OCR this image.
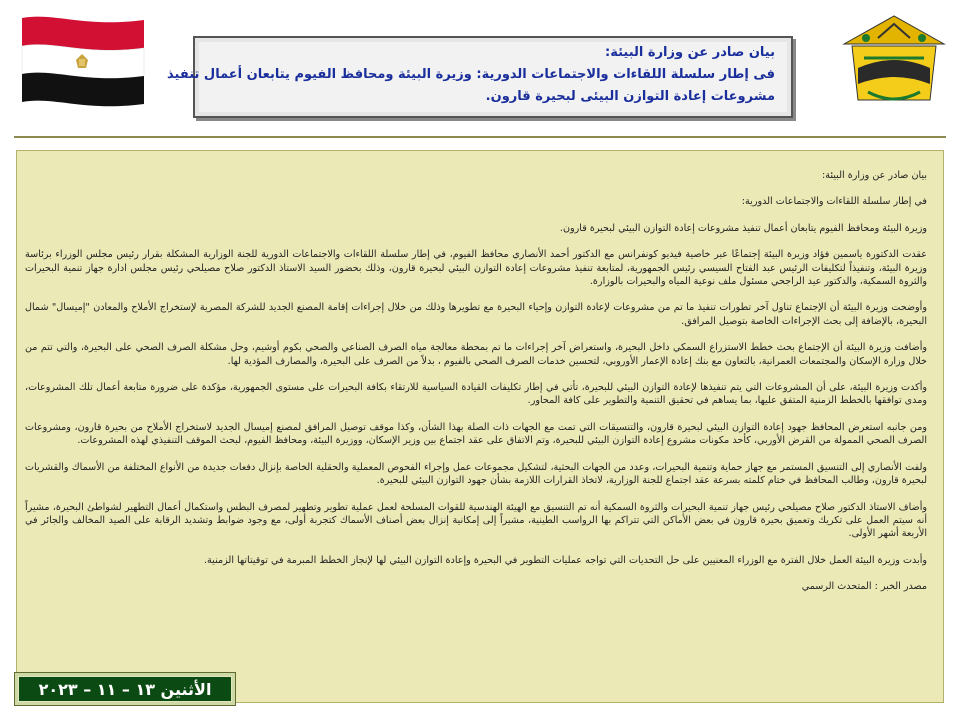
بيان صادر عن وزارة البيئة:
فى إطار سلسلة اللقاءات والاجتماعات الدورية: وزيرة البيئة ومحافظ الفيوم يتابعان أعمال تنفيذ
مشروعات إعادة التوازن البيئى لبحيرة قارون.

بيان صادر عن وزارة البيئة:

في إطار سلسلة اللقاءات والاجتماعات الدورية:

وزيرة البيئة ومحافظ الفيوم يتابعان أعمال تنفيذ مشروعات إعادة التوازن البيئي لبحيرة قارون.

عقدت الدكتورة ياسمين فؤاد وزيرة البيئة إجتماعًا عبر خاصية فيديو كونفرانس مع الدكتور أحمد الأنصاري محافظ الفيوم، في إطار سلسلة اللقاءات والاجتماعات الدورية للجنة الوزارية المشكلة بقرار رئيس مجلس الوزراء برئاسة وزيرة البيئة، وتنفيذاً لتكليفات الرئيس عبد الفتاح السيسي رئيس الجمهورية، لمتابعة تنفيذ مشروعات إعادة التوازن البيئي لبحيرة قارون، وذلك بحضور السيد الاستاذ الدكتور صلاح مصيلحي رئيس مجلس ادارة جهاز تنمية البحيرات والثروة السمكية، والدكتور عيد الراجحي مسئول ملف نوعية المياه والبحيرات بالوزارة.

وأوضحت وزيرة البيئة أن الإجتماع تناول آخر تطورات تنفيذ ما تم من مشروعات لإعادة التوازن وإحياء البحيرة مع تطويرها وذلك من خلال إجراءات إقامة المصنع الجديد للشركة المصرية لإستخراج الأملاح والمعادن "إميسال" شمال البحيرة، بالإضافة إلى بحث الإجراءات الخاصة بتوصيل المرافق.

وأضافت وزيرة البيئة أن الإجتماع بحث خطط الاستزراع السمكي داخل البحيرة، واستعراض آخر إجراءات ما تم بمحطة معالجة مياه الصرف الصناعي والصحي بكوم أوشيم، وحل مشكلة الصرف الصحي على البحيرة، والتي تتم من خلال وزارة الإسكان والمجتمعات العمرانية، بالتعاون مع بنك إعادة الإعمار الأوروبي، لتحسين خدمات الصرف الصحي بالفيوم ، بدلاً من الصرف على البحيرة، والمصارف المؤدية لها.

وأكدت وزيرة البيئة، على أن المشروعات التي يتم تنفيذها لإعادة التوازن البيئي للبحيرة، تأتي في إطار تكليفات القيادة السياسية للارتقاء بكافة البحيرات على مستوى الجمهورية، مؤكدة على ضرورة متابعة أعمال تلك المشروعات، ومدى توافقها بالخطط الزمنية المتفق عليها، بما يساهم في تحقيق التنمية والتطوير على كافة المحاور.

ومن جانبه استعرض المحافظ جهود إعادة التوازن البيئي لبحيرة قارون، والتنسيقات التي تمت مع الجهات ذات الصلة بهذا الشأن، وكذا موقف توصيل المرافق لمصنع إميسال الجديد لاستخراج الأملاح من بحيرة قارون، ومشروعات الصرف الصحي الممولة من القرض الأوربي، كأحد مكونات مشروع إعادة التوازن البيئي للبحيرة، وتم الاتفاق على عقد اجتماع بين وزير الإسكان، ووزيرة البيئة، ومحافظ الفيوم، لبحث الموقف التنفيذي لهذه المشروعات.

ولفت الأنصاري إلى التنسيق المستمر مع جهاز حماية وتنمية البحيرات، وعدد من الجهات البحثية، لتشكيل مجموعات عمل وإجراء الفحوص المعملية والحقلية الخاصة بإنزال دفعات جديدة من الأنواع المختلفة من الأسماك والقشريات لبحيرة قارون، وطالب المحافظ في ختام كلمته بسرعة عقد اجتماع للجنة الوزارية، لاتخاذ القرارات اللازمة بشأن جهود التوازن البيئي للبحيرة.

وأضاف الاستاذ الدكتور صلاح مصيلحي رئيس جهاز تنمية البحيرات والثروة السمكية أنه تم التنسيق مع الهيئة الهندسية للقوات المسلحة لعمل عملية تطوير وتطهير لمصرف البطس واستكمال أعمال التطهير لشواطئ البحيرة، مشيراً أنه سيتم العمل على تكريك وتعميق بحيرة قارون في بعض الأماكن التي تتراكم بها الرواسب الطينية، مشيراً إلى إمكانية إنزال بعض أصناف الأسماك كتجربة أولى، مع وجود ضوابط وتشديد الرقابة على الصيد المخالف والجائر في الأربعة أشهر الأولى.

وأبدت وزيرة البيئة العمل خلال الفترة مع الوزراء المعنيين على حل التحديات التي تواجه عمليات التطوير في البحيرة وإعادة التوازن البيئي لها لإنجاز الخطط المبرمة في توقيتاتها الزمنية.

مصدر الخبر : المتحدث الرسمي

الأثنين ١٣ – ١١ – ٢٠٢٣
